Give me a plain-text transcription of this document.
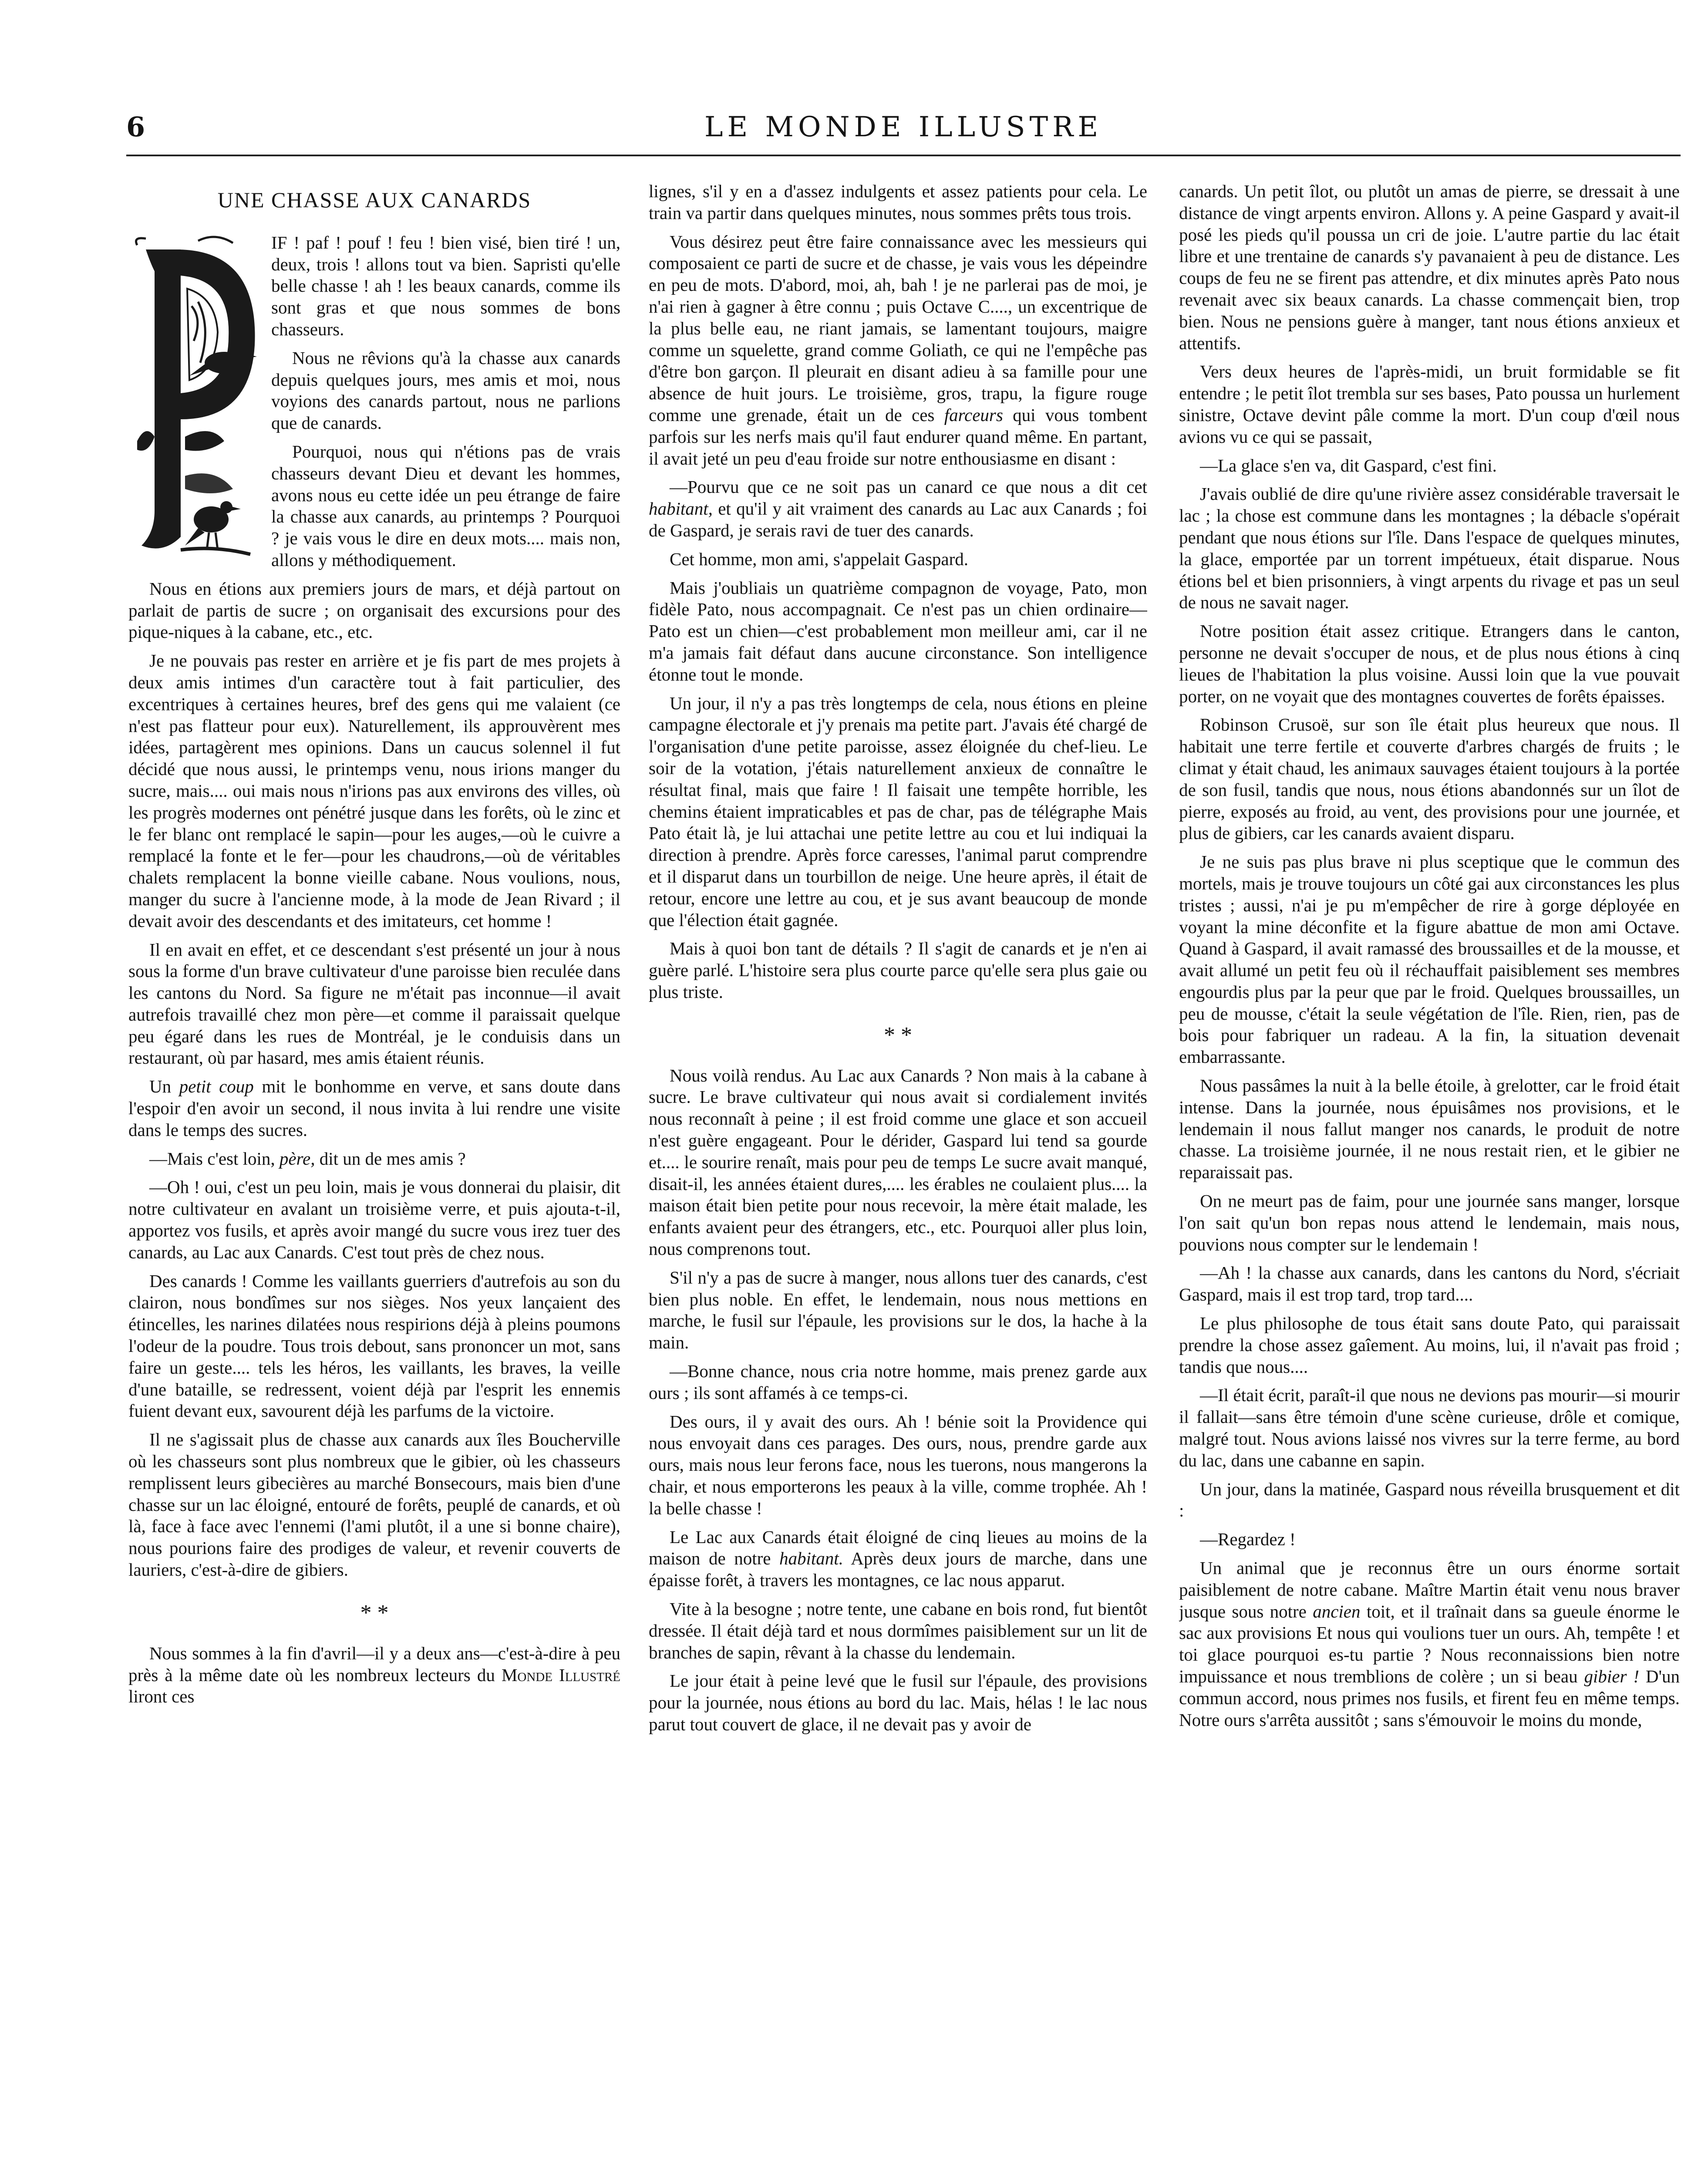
6	LE MONDE ILLUSTRE
UNE CHASSE AUX CANARDS

IF ! paf ! pouf ! feu ! bien visé, bien tiré ! un, deux, trois ! allons tout va bien. Sapristi qu'elle belle chasse ! ah ! les beaux canards, comme ils sont gras et que nous sommes de bons chasseurs.

Nous ne rêvions qu'à la chasse aux canards depuis quelques jours, mes amis et moi, nous voyions des canards partout, nous ne parlions que de canards.

Pourquoi, nous qui n'étions pas de vrais chasseurs devant Dieu et devant les hommes, avons nous eu cette idée un peu étrange de faire la chasse aux canards, au printemps ? Pourquoi ? je vais vous le dire en deux mots.... mais non, allons y méthodiquement.

Nous en étions aux premiers jours de mars, et déjà partout on parlait de partis de sucre ; on organisait des excursions pour des pique-niques à la cabane, etc., etc.

Je ne pouvais pas rester en arrière et je fis part de mes projets à deux amis intimes d'un caractère tout à fait particulier, des excentriques à certaines heures, bref des gens qui me valaient (ce n'est pas flatteur pour eux). Naturellement, ils approuvèrent mes idées, partagèrent mes opinions. Dans un caucus solennel il fut décidé que nous aussi, le printemps venu, nous irions manger du sucre, mais.... oui mais nous n'irions pas aux environs des villes, où les progrès modernes ont pénétré jusque dans les forêts, où le zinc et le fer blanc ont remplacé le sapin—pour les auges,—où le cuivre a remplacé la fonte et le fer—pour les chaudrons,—où de véritables chalets remplacent la bonne vieille cabane. Nous voulions, nous, manger du sucre à l'ancienne mode, à la mode de Jean Rivard ; il devait avoir des descendants et des imitateurs, cet homme !

Il en avait en effet, et ce descendant s'est présenté un jour à nous sous la forme d'un brave cultivateur d'une paroisse bien reculée dans les cantons du Nord. Sa figure ne m'était pas inconnue—il avait autrefois travaillé chez mon père—et comme il paraissait quelque peu égaré dans les rues de Montréal, je le conduisis dans un restaurant, où par hasard, mes amis étaient réunis.

Un petit coup mit le bonhomme en verve, et sans doute dans l'espoir d'en avoir un second, il nous invita à lui rendre une visite dans le temps des sucres.

—Mais c'est loin, père, dit un de mes amis ?

—Oh ! oui, c'est un peu loin, mais je vous donnerai du plaisir, dit notre cultivateur en avalant un troisième verre, et puis ajouta-t-il, apportez vos fusils, et après avoir mangé du sucre vous irez tuer des canards, au Lac aux Canards. C'est tout près de chez nous.

Des canards ! Comme les vaillants guerriers d'autrefois au son du clairon, nous bondîmes sur nos sièges. Nos yeux lançaient des étincelles, les narines dilatées nous respirions déjà à pleins poumons l'odeur de la poudre. Tous trois debout, sans prononcer un mot, sans faire un geste.... tels les héros, les vaillants, les braves, la veille d'une bataille, se redressent, voient déjà par l'esprit les ennemis fuient devant eux, savourent déjà les parfums de la victoire.

Il ne s'agissait plus de chasse aux canards aux îles Boucherville où les chasseurs sont plus nombreux que le gibier, où les chasseurs remplissent leurs gibecières au marché Bonsecours, mais bien d'une chasse sur un lac éloigné, entouré de forêts, peuplé de canards, et où là, face à face avec l'ennemi (l'ami plutôt, il a une si bonne chaire), nous pourions faire des prodiges de valeur, et revenir couverts de lauriers, c'est-à-dire de gibiers.

* *

Nous sommes à la fin d'avril—il y a deux ans—c'est-à-dire à peu près à la même date où les nombreux lecteurs du Monde Illustré liront ces

lignes, s'il y en a d'assez indulgents et assez patients pour cela. Le train va partir dans quelques minutes, nous sommes prêts tous trois.

Vous désirez peut être faire connaissance avec les messieurs qui composaient ce parti de sucre et de chasse, je vais vous les dépeindre en peu de mots. D'abord, moi, ah, bah ! je ne parlerai pas de moi, je n'ai rien à gagner à être connu ; puis Octave C...., un excentrique de la plus belle eau, ne riant jamais, se lamentant toujours, maigre comme un squelette, grand comme Goliath, ce qui ne l'empêche pas d'être bon garçon. Il pleurait en disant adieu à sa famille pour une absence de huit jours. Le troisième, gros, trapu, la figure rouge comme une grenade, était un de ces farceurs qui vous tombent parfois sur les nerfs mais qu'il faut endurer quand même. En partant, il avait jeté un peu d'eau froide sur notre enthousiasme en disant :

—Pourvu que ce ne soit pas un canard ce que nous a dit cet habitant, et qu'il y ait vraiment des canards au Lac aux Canards ; foi de Gaspard, je serais ravi de tuer des canards.

Cet homme, mon ami, s'appelait Gaspard.

Mais j'oubliais un quatrième compagnon de voyage, Pato, mon fidèle Pato, nous accompagnait. Ce n'est pas un chien ordinaire—Pato est un chien—c'est probablement mon meilleur ami, car il ne m'a jamais fait défaut dans aucune circonstance. Son intelligence étonne tout le monde.

Un jour, il n'y a pas très longtemps de cela, nous étions en pleine campagne électorale et j'y prenais ma petite part. J'avais été chargé de l'organisation d'une petite paroisse, assez éloignée du chef-lieu. Le soir de la votation, j'étais naturellement anxieux de connaître le résultat final, mais que faire ! Il faisait une tempête horrible, les chemins étaient impraticables et pas de char, pas de télégraphe Mais Pato était là, je lui attachai une petite lettre au cou et lui indiquai la direction à prendre. Après force caresses, l'animal parut comprendre et il disparut dans un tourbillon de neige. Une heure après, il était de retour, encore une lettre au cou, et je sus avant beaucoup de monde que l'élection était gagnée.

Mais à quoi bon tant de détails ? Il s'agit de canards et je n'en ai guère parlé. L'histoire sera plus courte parce qu'elle sera plus gaie ou plus triste.

* *

Nous voilà rendus. Au Lac aux Canards ? Non mais à la cabane à sucre. Le brave cultivateur qui nous avait si cordialement invités nous reconnaît à peine ; il est froid comme une glace et son accueil n'est guère engageant. Pour le dérider, Gaspard lui tend sa gourde et.... le sourire renaît, mais pour peu de temps Le sucre avait manqué, disait-il, les années étaient dures,.... les érables ne coulaient plus.... la maison était bien petite pour nous recevoir, la mère était malade, les enfants avaient peur des étrangers, etc., etc. Pourquoi aller plus loin, nous comprenons tout.

S'il n'y a pas de sucre à manger, nous allons tuer des canards, c'est bien plus noble. En effet, le lendemain, nous nous mettions en marche, le fusil sur l'épaule, les provisions sur le dos, la hache à la main.

—Bonne chance, nous cria notre homme, mais prenez garde aux ours ; ils sont affamés à ce temps-ci.

Des ours, il y avait des ours. Ah ! bénie soit la Providence qui nous envoyait dans ces parages. Des ours, nous, prendre garde aux ours, mais nous leur ferons face, nous les tuerons, nous mangerons la chair, et nous emporterons les peaux à la ville, comme trophée. Ah ! la belle chasse !

Le Lac aux Canards était éloigné de cinq lieues au moins de la maison de notre habitant. Après deux jours de marche, dans une épaisse forêt, à travers les montagnes, ce lac nous apparut.

Vite à la besogne ; notre tente, une cabane en bois rond, fut bientôt dressée. Il était déjà tard et nous dormîmes paisiblement sur un lit de branches de sapin, rêvant à la chasse du lendemain.

Le jour était à peine levé que le fusil sur l'épaule, des provisions pour la journée, nous étions au bord du lac. Mais, hélas ! le lac nous parut tout couvert de glace, il ne devait pas y avoir de

canards. Un petit îlot, ou plutôt un amas de pierre, se dressait à une distance de vingt arpents environ. Allons y. A peine Gaspard y avait-il posé les pieds qu'il poussa un cri de joie. L'autre partie du lac était libre et une trentaine de canards s'y pavanaient à peu de distance. Les coups de feu ne se firent pas attendre, et dix minutes après Pato nous revenait avec six beaux canards. La chasse commençait bien, trop bien. Nous ne pensions guère à manger, tant nous étions anxieux et attentifs.

Vers deux heures de l'après-midi, un bruit formidable se fit entendre ; le petit îlot trembla sur ses bases, Pato poussa un hurlement sinistre, Octave devint pâle comme la mort. D'un coup d'œil nous avions vu ce qui se passait,

—La glace s'en va, dit Gaspard, c'est fini.

J'avais oublié de dire qu'une rivière assez considérable traversait le lac ; la chose est commune dans les montagnes ; la débacle s'opérait pendant que nous étions sur l'île. Dans l'espace de quelques minutes, la glace, emportée par un torrent impétueux, était disparue. Nous étions bel et bien prisonniers, à vingt arpents du rivage et pas un seul de nous ne savait nager.

Notre position était assez critique. Etrangers dans le canton, personne ne devait s'occuper de nous, et de plus nous étions à cinq lieues de l'habitation la plus voisine. Aussi loin que la vue pouvait porter, on ne voyait que des montagnes couvertes de forêts épaisses.

Robinson Crusoë, sur son île était plus heureux que nous. Il habitait une terre fertile et couverte d'arbres chargés de fruits ; le climat y était chaud, les animaux sauvages étaient toujours à la portée de son fusil, tandis que nous, nous étions abandonnés sur un îlot de pierre, exposés au froid, au vent, des provisions pour une journée, et plus de gibiers, car les canards avaient disparu.

Je ne suis pas plus brave ni plus sceptique que le commun des mortels, mais je trouve toujours un côté gai aux circonstances les plus tristes ; aussi, n'ai je pu m'empêcher de rire à gorge déployée en voyant la mine déconfite et la figure abattue de mon ami Octave. Quand à Gaspard, il avait ramassé des broussailles et de la mousse, et avait allumé un petit feu où il réchauffait paisiblement ses membres engourdis plus par la peur que par le froid. Quelques broussailles, un peu de mousse, c'était la seule végétation de l'île. Rien, rien, pas de bois pour fabriquer un radeau. A la fin, la situation devenait embarrassante.

Nous passâmes la nuit à la belle étoile, à grelotter, car le froid était intense. Dans la journée, nous épuisâmes nos provisions, et le lendemain il nous fallut manger nos canards, le produit de notre chasse. La troisième journée, il ne nous restait rien, et le gibier ne reparaissait pas.

On ne meurt pas de faim, pour une journée sans manger, lorsque l'on sait qu'un bon repas nous attend le lendemain, mais nous, pouvions nous compter sur le lendemain !

—Ah ! la chasse aux canards, dans les cantons du Nord, s'écriait Gaspard, mais il est trop tard, trop tard....

Le plus philosophe de tous était sans doute Pato, qui paraissait prendre la chose assez gaîement. Au moins, lui, il n'avait pas froid ; tandis que nous....

—Il était écrit, paraît-il que nous ne devions pas mourir—si mourir il fallait—sans être témoin d'une scène curieuse, drôle et comique, malgré tout. Nous avions laissé nos vivres sur la terre ferme, au bord du lac, dans une cabanne en sapin.

Un jour, dans la matinée, Gaspard nous réveilla brusquement et dit :

—Regardez !

Un animal que je reconnus être un ours énorme sortait paisiblement de notre cabane. Maître Martin était venu nous braver jusque sous notre ancien toit, et il traînait dans sa gueule énorme le sac aux provisions Et nous qui voulions tuer un ours. Ah, tempête ! et toi glace pourquoi es-tu partie ? Nous reconnaissions bien notre impuissance et nous tremblions de colère ; un si beau gibier ! D'un commun accord, nous primes nos fusils, et firent feu en même temps. Notre ours s'arrêta aussitôt ; sans s'émouvoir le moins du monde,
